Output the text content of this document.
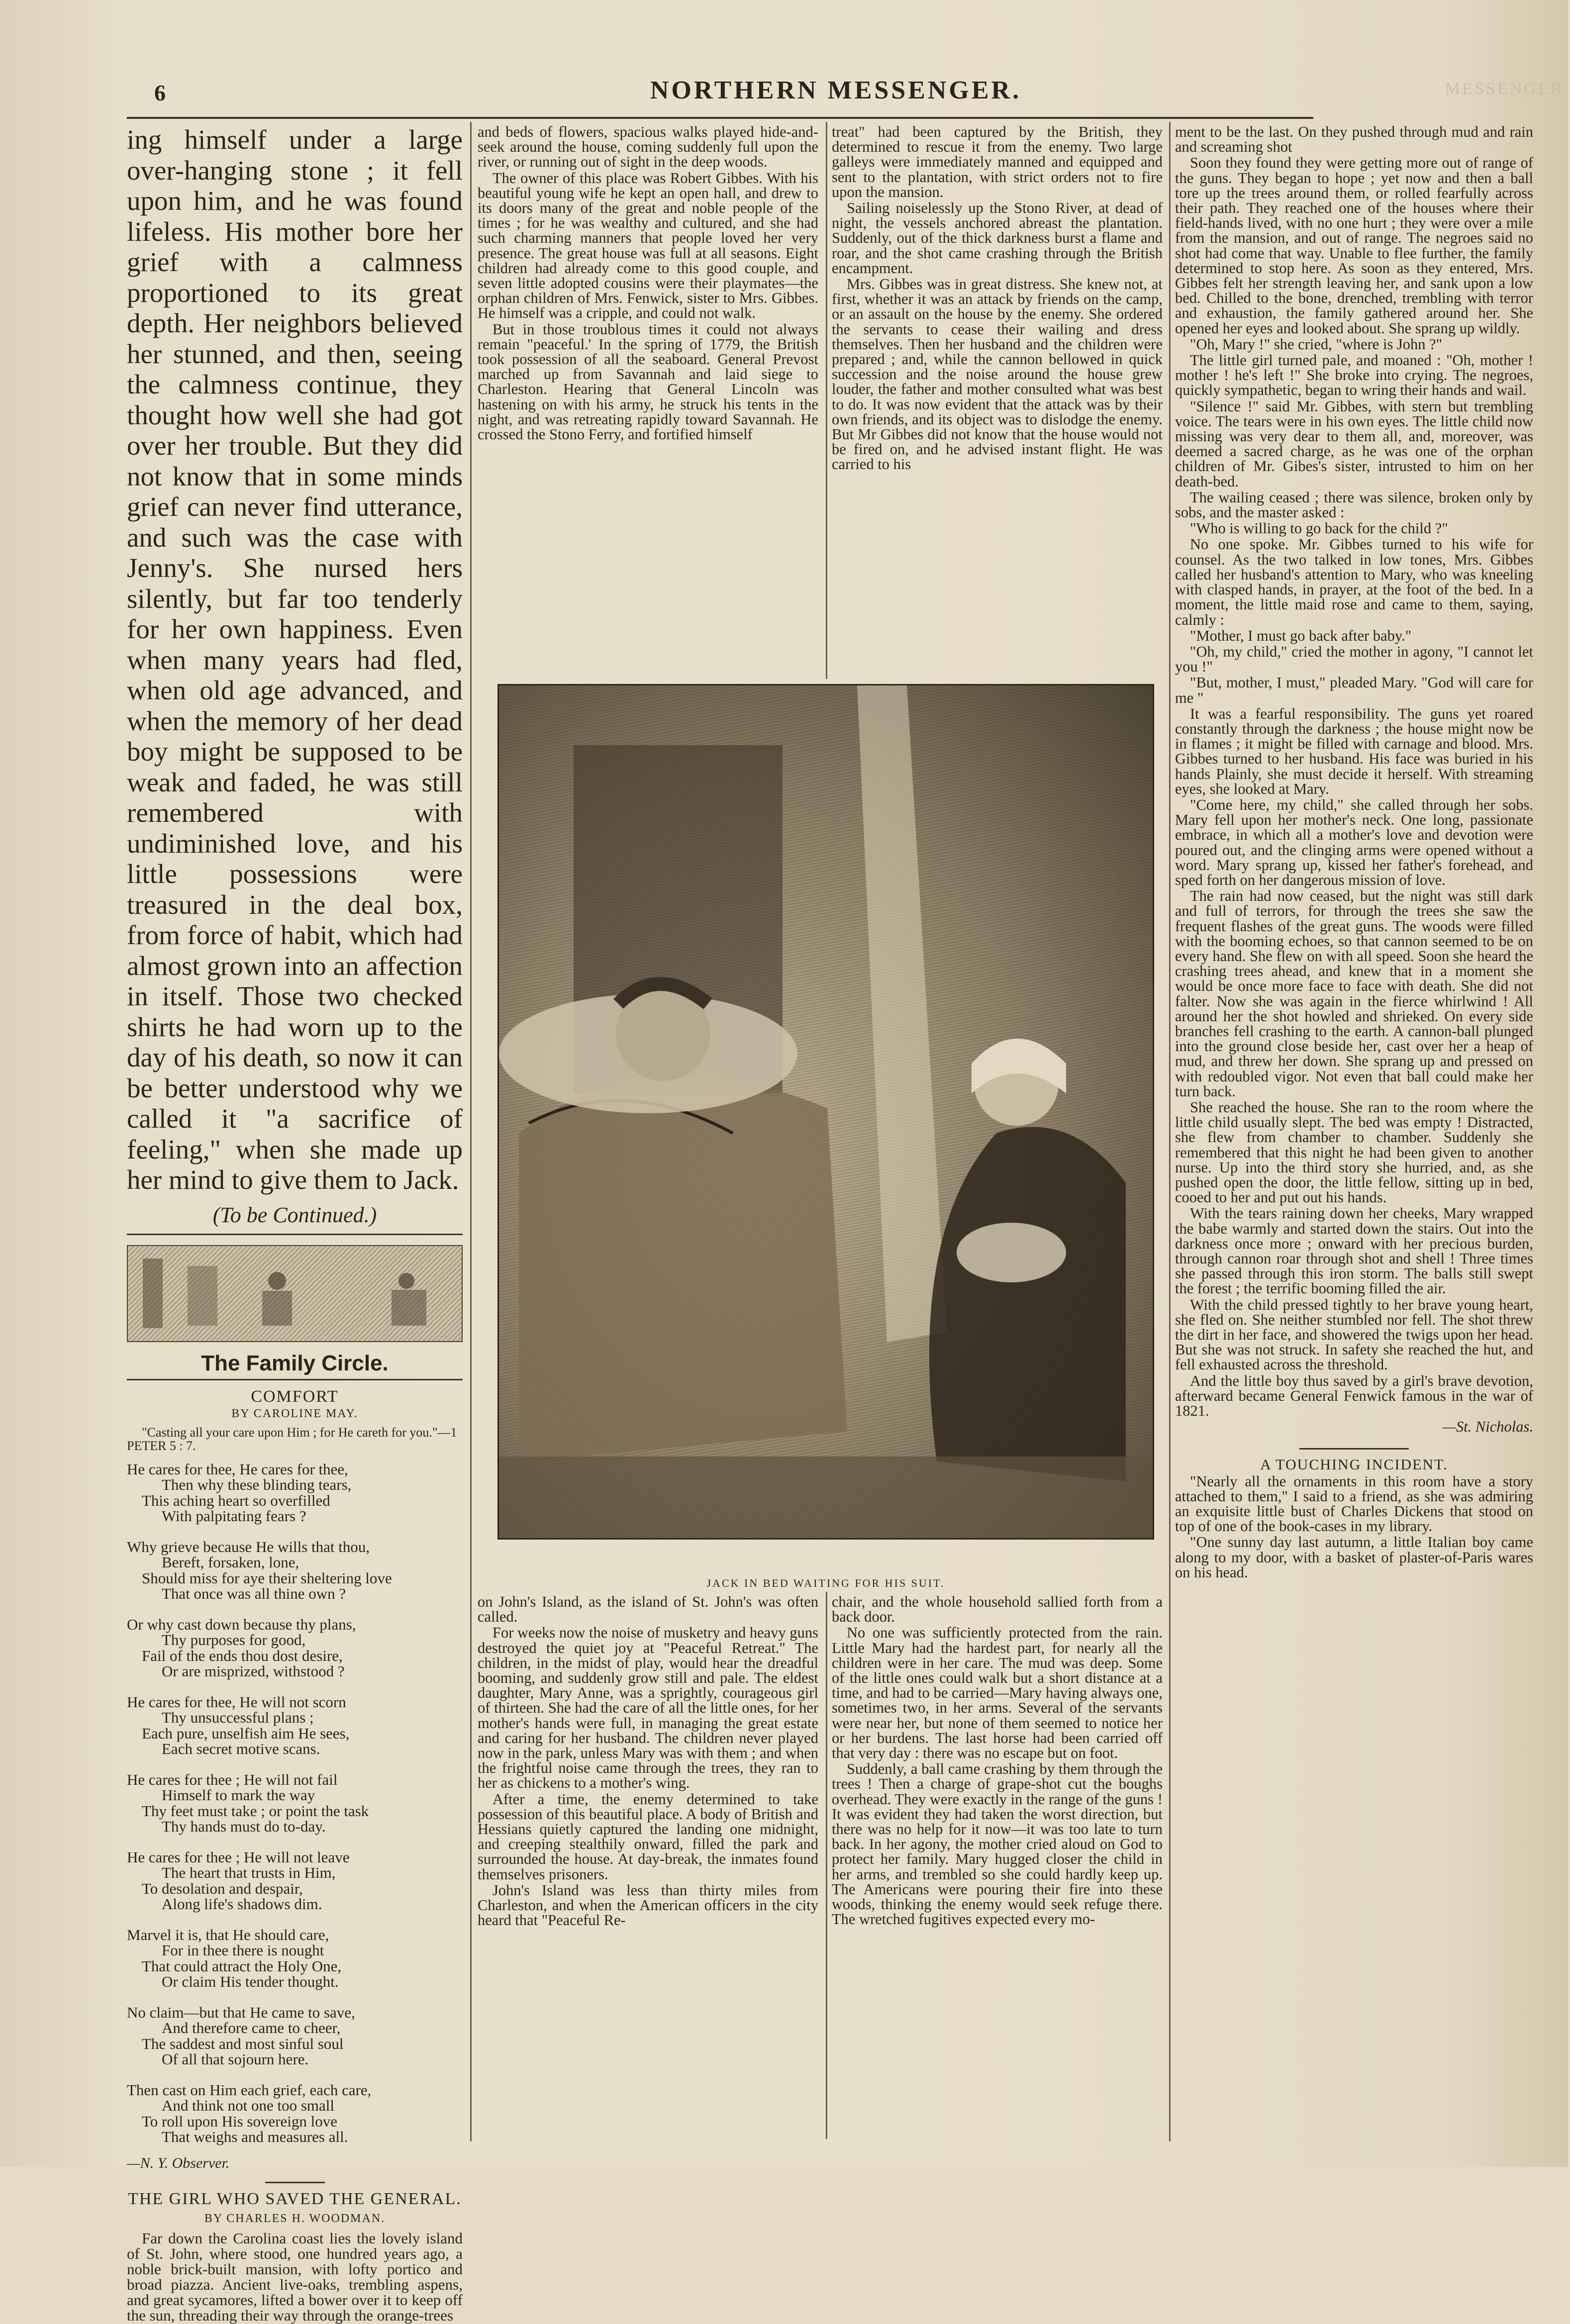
MESSENGER.
6	NORTHERN MESSENGER.

ing himself under a large over-hanging stone ; it fell upon him, and he was found lifeless. His mother bore her grief with a calmness proportioned to its great depth. Her neighbors believed her stunned, and then, seeing the calmness continue, they thought how well she had got over her trouble. But they did not know that in some minds grief can never find utterance, and such was the case with Jenny's. She nursed hers silently, but far too tenderly for her own happiness. Even when many years had fled, when old age advanced, and when the memory of her dead boy might be supposed to be weak and faded, he was still remembered with undiminished love, and his little possessions were treasured in the deal box, from force of habit, which had almost grown into an affection in itself. Those two checked shirts he had worn up to the day of his death, so now it can be better understood why we called it "a sacrifice of feeling," when she made up her mind to give them to Jack.

(To be Continued.)
The Family Circle.
COMFORT
BY CAROLINE MAY.
"Casting all your care upon Him ; for He careth for you."—1 PETER 5 : 7.
He cares for thee, He cares for thee,
Then why these blinding tears,
This aching heart so overfilled
With palpitating fears ?
Why grieve because He wills that thou,
Bereft, forsaken, lone,
Should miss for aye their sheltering love
That once was all thine own ?
Or why cast down because thy plans,
Thy purposes for good,
Fail of the ends thou dost desire,
Or are misprized, withstood ?
He cares for thee, He will not scorn
Thy unsuccessful plans ;
Each pure, unselfish aim He sees,
Each secret motive scans.
He cares for thee ; He will not fail
Himself to mark the way
Thy feet must take ; or point the task
Thy hands must do to-day.
He cares for thee ; He will not leave
The heart that trusts in Him,
To desolation and despair,
Along life's shadows dim.
Marvel it is, that He should care,
For in thee there is nought
That could attract the Holy One,
Or claim His tender thought.
No claim—but that He came to save,
And therefore came to cheer,
The saddest and most sinful soul
Of all that sojourn here.
Then cast on Him each grief, each care,
And think not one too small
To roll upon His sovereign love
That weighs and measures all.
—N. Y. Observer.
THE GIRL WHO SAVED THE GENERAL.
BY CHARLES H. WOODMAN.

Far down the Carolina coast lies the lovely island of St. John, where stood, one hundred years ago, a noble brick-built mansion, with lofty portico and broad piazza. Ancient live-oaks, trembling aspens, and great sycamores, lifted a bower over it to keep off the sun, threading their way through the orange-trees

and beds of flowers, spacious walks played hide-and-seek around the house, coming suddenly full upon the river, or running out of sight in the deep woods.

The owner of this place was Robert Gibbes. With his beautiful young wife he kept an open hall, and drew to its doors many of the great and noble people of the times ; for he was wealthy and cultured, and she had such charming manners that people loved her very presence. The great house was full at all seasons. Eight children had already come to this good couple, and seven little adopted cousins were their playmates—the orphan children of Mrs. Fenwick, sister to Mrs. Gibbes. He himself was a cripple, and could not walk.

But in those troublous times it could not always remain "peaceful.' In the spring of 1779, the British took possession of all the seaboard. General Prevost marched up from Savannah and laid siege to Charleston. Hearing that General Lincoln was hastening on with his army, he struck his tents in the night, and was retreating rapidly toward Savannah. He crossed the Stono Ferry, and fortified himself

treat" had been captured by the British, they determined to rescue it from the enemy. Two large galleys were immediately manned and equipped and sent to the plantation, with strict orders not to fire upon the mansion.

Sailing noiselessly up the Stono River, at dead of night, the vessels anchored abreast the plantation. Suddenly, out of the thick darkness burst a flame and roar, and the shot came crashing through the British encampment.

Mrs. Gibbes was in great distress. She knew not, at first, whether it was an attack by friends on the camp, or an assault on the house by the enemy. She ordered the servants to cease their wailing and dress themselves. Then her husband and the children were prepared ; and, while the cannon bellowed in quick succession and the noise around the house grew louder, the father and mother consulted what was best to do. It was now evident that the attack was by their own friends, and its object was to dislodge the enemy. But Mr Gibbes did not know that the house would not be fired on, and he advised instant flight. He was carried to his

JACK IN BED WAITING FOR HIS SUIT.

on John's Island, as the island of St. John's was often called.

For weeks now the noise of musketry and heavy guns destroyed the quiet joy at "Peaceful Retreat." The children, in the midst of play, would hear the dreadful booming, and suddenly grow still and pale. The eldest daughter, Mary Anne, was a sprightly, courageous girl of thirteen. She had the care of all the little ones, for her mother's hands were full, in managing the great estate and caring for her husband. The children never played now in the park, unless Mary was with them ; and when the frightful noise came through the trees, they ran to her as chickens to a mother's wing.

After a time, the enemy determined to take possession of this beautiful place. A body of British and Hessians quietly captured the landing one midnight, and creeping stealthily onward, filled the park and surrounded the house. At day-break, the inmates found themselves prisoners.

John's Island was less than thirty miles from Charleston, and when the American officers in the city heard that "Peaceful Re-

chair, and the whole household sallied forth from a back door.

No one was sufficiently protected from the rain. Little Mary had the hardest part, for nearly all the children were in her care. The mud was deep. Some of the little ones could walk but a short distance at a time, and had to be carried—Mary having always one, sometimes two, in her arms. Several of the servants were near her, but none of them seemed to notice her or her burdens. The last horse had been carried off that very day : there was no escape but on foot.

Suddenly, a ball came crashing by them through the trees ! Then a charge of grape-shot cut the boughs overhead. They were exactly in the range of the guns ! It was evident they had taken the worst direction, but there was no help for it now—it was too late to turn back. In her agony, the mother cried aloud on God to protect her family. Mary hugged closer the child in her arms, and trembled so she could hardly keep up. The Americans were pouring their fire into these woods, thinking the enemy would seek refuge there. The wretched fugitives expected every mo-

ment to be the last. On they pushed through mud and rain and screaming shot

Soon they found they were getting more out of range of the guns. They began to hope ; yet now and then a ball tore up the trees around them, or rolled fearfully across their path. They reached one of the houses where their field-hands lived, with no one hurt ; they were over a mile from the mansion, and out of range. The negroes said no shot had come that way. Unable to flee further, the family determined to stop here. As soon as they entered, Mrs. Gibbes felt her strength leaving her, and sank upon a low bed. Chilled to the bone, drenched, trembling with terror and exhaustion, the family gathered around her. She opened her eyes and looked about. She sprang up wildly.

"Oh, Mary !" she cried, "where is John ?"

The little girl turned pale, and moaned : "Oh, mother ! mother ! he's left !" She broke into crying. The negroes, quickly sympathetic, began to wring their hands and wail.

"Silence !" said Mr. Gibbes, with stern but trembling voice. The tears were in his own eyes. The little child now missing was very dear to them all, and, moreover, was deemed a sacred charge, as he was one of the orphan children of Mr. Gibes's sister, intrusted to him on her death-bed.

The wailing ceased ; there was silence, broken only by sobs, and the master asked :

"Who is willing to go back for the child ?"

No one spoke. Mr. Gibbes turned to his wife for counsel. As the two talked in low tones, Mrs. Gibbes called her husband's attention to Mary, who was kneeling with clasped hands, in prayer, at the foot of the bed. In a moment, the little maid rose and came to them, saying, calmly :

"Mother, I must go back after baby."

"Oh, my child," cried the mother in agony, "I cannot let you !"

"But, mother, I must," pleaded Mary. "God will care for me "

It was a fearful responsibility. The guns yet roared constantly through the darkness ; the house might now be in flames ; it might be filled with carnage and blood. Mrs. Gibbes turned to her husband. His face was buried in his hands Plainly, she must decide it herself. With streaming eyes, she looked at Mary.

"Come here, my child," she called through her sobs. Mary fell upon her mother's neck. One long, passionate embrace, in which all a mother's love and devotion were poured out, and the clinging arms were opened without a word. Mary sprang up, kissed her father's forehead, and sped forth on her dangerous mission of love.

The rain had now ceased, but the night was still dark and full of terrors, for through the trees she saw the frequent flashes of the great guns. The woods were filled with the booming echoes, so that cannon seemed to be on every hand. She flew on with all speed. Soon she heard the crashing trees ahead, and knew that in a moment she would be once more face to face with death. She did not falter. Now she was again in the fierce whirlwind ! All around her the shot howled and shrieked. On every side branches fell crashing to the earth. A cannon-ball plunged into the ground close beside her, cast over her a heap of mud, and threw her down. She sprang up and pressed on with redoubled vigor. Not even that ball could make her turn back.

She reached the house. She ran to the room where the little child usually slept. The bed was empty ! Distracted, she flew from chamber to chamber. Suddenly she remembered that this night he had been given to another nurse. Up into the third story she hurried, and, as she pushed open the door, the little fellow, sitting up in bed, cooed to her and put out his hands.

With the tears raining down her cheeks, Mary wrapped the babe warmly and started down the stairs. Out into the darkness once more ; onward with her precious burden, through cannon roar through shot and shell ! Three times she passed through this iron storm. The balls still swept the forest ; the terrific booming filled the air.

With the child pressed tightly to her brave young heart, she fled on. She neither stumbled nor fell. The shot threw the dirt in her face, and showered the twigs upon her head. But she was not struck. In safety she reached the hut, and fell exhausted across the threshold.

And the little boy thus saved by a girl's brave devotion, afterward became General Fenwick famous in the war of 1821.

—St. Nicholas.
A TOUCHING INCIDENT.

"Nearly all the ornaments in this room have a story attached to them," I said to a friend, as she was admiring an exquisite little bust of Charles Dickens that stood on top of one of the book-cases in my library.

"One sunny day last autumn, a little Italian boy came along to my door, with a basket of plaster-of-Paris wares on his head.
